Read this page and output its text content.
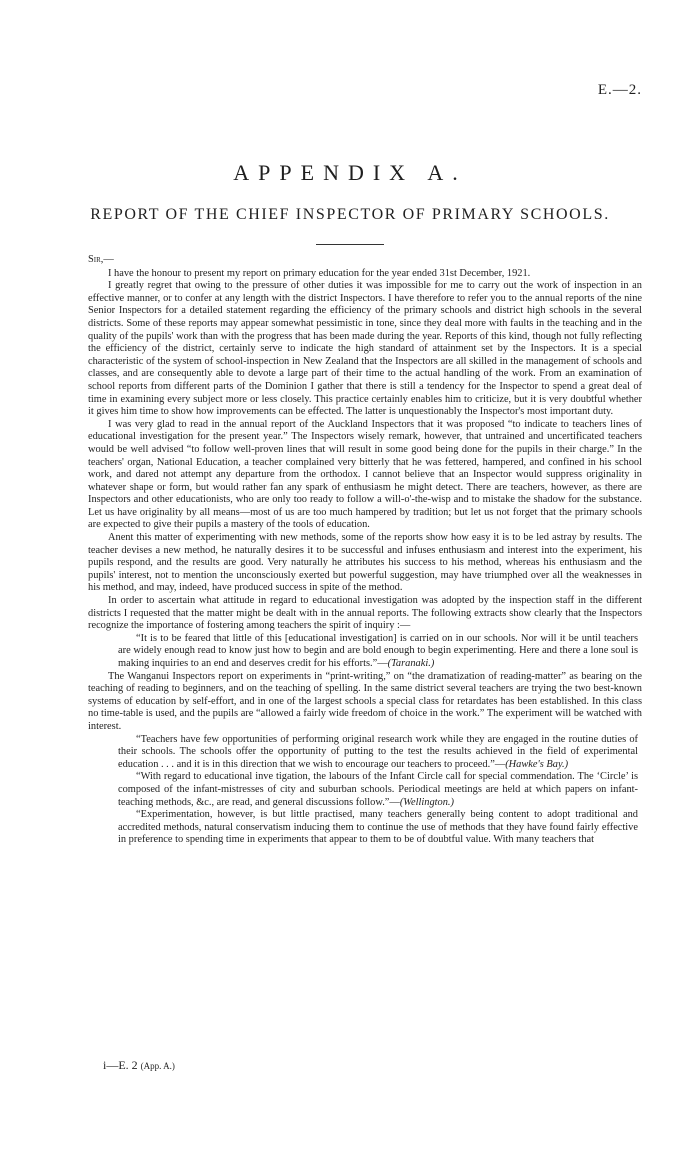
E.—2.
APPENDIX A.
REPORT OF THE CHIEF INSPECTOR OF PRIMARY SCHOOLS.

Sir,—

I have the honour to present my report on primary education for the year ended 31st December, 1921.

I greatly regret that owing to the pressure of other duties it was impossible for me to carry out the work of inspection in an effective manner, or to confer at any length with the district Inspectors. I have therefore to refer you to the annual reports of the nine Senior Inspectors for a detailed statement regarding the efficiency of the primary schools and district high schools in the several districts. Some of these reports may appear somewhat pessimistic in tone, since they deal more with faults in the teaching and in the quality of the pupils' work than with the progress that has been made during the year. Reports of this kind, though not fully reflecting the efficiency of the district, certainly serve to indicate the high standard of attainment set by the Inspectors. It is a special characteristic of the system of school-inspection in New Zealand that the Inspectors are all skilled in the management of schools and classes, and are consequently able to devote a large part of their time to the actual handling of the work. From an examination of school reports from different parts of the Dominion I gather that there is still a tendency for the Inspector to spend a great deal of time in examining every subject more or less closely. This practice certainly enables him to criticize, but it is very doubtful whether it gives him time to show how improvements can be effected. The latter is unquestionably the Inspector's most important duty.

I was very glad to read in the annual report of the Auckland Inspectors that it was proposed “to indicate to teachers lines of educational investigation for the present year.” The Inspectors wisely remark, however, that untrained and uncertificated teachers would be well advised “to follow well-proven lines that will result in some good being done for the pupils in their charge.” In the teachers' organ, National Education, a teacher complained very bitterly that he was fettered, hampered, and confined in his school work, and dared not attempt any departure from the orthodox. I cannot believe that an Inspector would suppress originality in whatever shape or form, but would rather fan any spark of enthusiasm he might detect. There are teachers, however, as there are Inspectors and other educationists, who are only too ready to follow a will-o'-the-wisp and to mistake the shadow for the substance. Let us have originality by all means—most of us are too much hampered by tradition; but let us not forget that the primary schools are expected to give their pupils a mastery of the tools of education.

Anent this matter of experimenting with new methods, some of the reports show how easy it is to be led astray by results. The teacher devises a new method, he naturally desires it to be successful and infuses enthusiasm and interest into the experiment, his pupils respond, and the results are good. Very naturally he attributes his success to his method, whereas his enthusiasm and the pupils' interest, not to mention the unconsciously exerted but powerful suggestion, may have triumphed over all the weaknesses in his method, and may, indeed, have produced success in spite of the method.

In order to ascertain what attitude in regard to educational investigation was adopted by the inspection staff in the different districts I requested that the matter might be dealt with in the annual reports. The following extracts show clearly that the Inspectors recognize the importance of fostering among teachers the spirit of inquiry :—

“It is to be feared that little of this [educational investigation] is carried on in our schools. Nor will it be until teachers are widely enough read to know just how to begin and are bold enough to begin experimenting. Here and there a lone soul is making inquiries to an end and deserves credit for his efforts.”—(Taranaki.)

The Wanganui Inspectors report on experiments in “print-writing,” on “the dramatization of reading-matter” as bearing on the teaching of reading to beginners, and on the teaching of spelling. In the same district several teachers are trying the two best-known systems of education by self-effort, and in one of the largest schools a special class for retardates has been established. In this class no time-table is used, and the pupils are “allowed a fairly wide freedom of choice in the work.” The experiment will be watched with interest.

“Teachers have few opportunities of performing original research work while they are engaged in the routine duties of their schools. The schools offer the opportunity of putting to the test the results achieved in the field of experimental education . . . and it is in this direction that we wish to encourage our teachers to proceed.”—(Hawke's Bay.)

“With regard to educational inve tigation, the labours of the Infant Circle call for special commendation. The ‘Circle’ is composed of the infant-mistresses of city and suburban schools. Periodical meetings are held at which papers on infant-teaching methods, &c., are read, and general discussions follow.”—(Wellington.)

“Experimentation, however, is but little practised, many teachers generally being content to adopt traditional and accredited methods, natural conservatism inducing them to continue the use of methods that they have found fairly effective in preference to spending time in experiments that appear to them to be of doubtful value. With many teachers that

i—E. 2 (App. A.)
